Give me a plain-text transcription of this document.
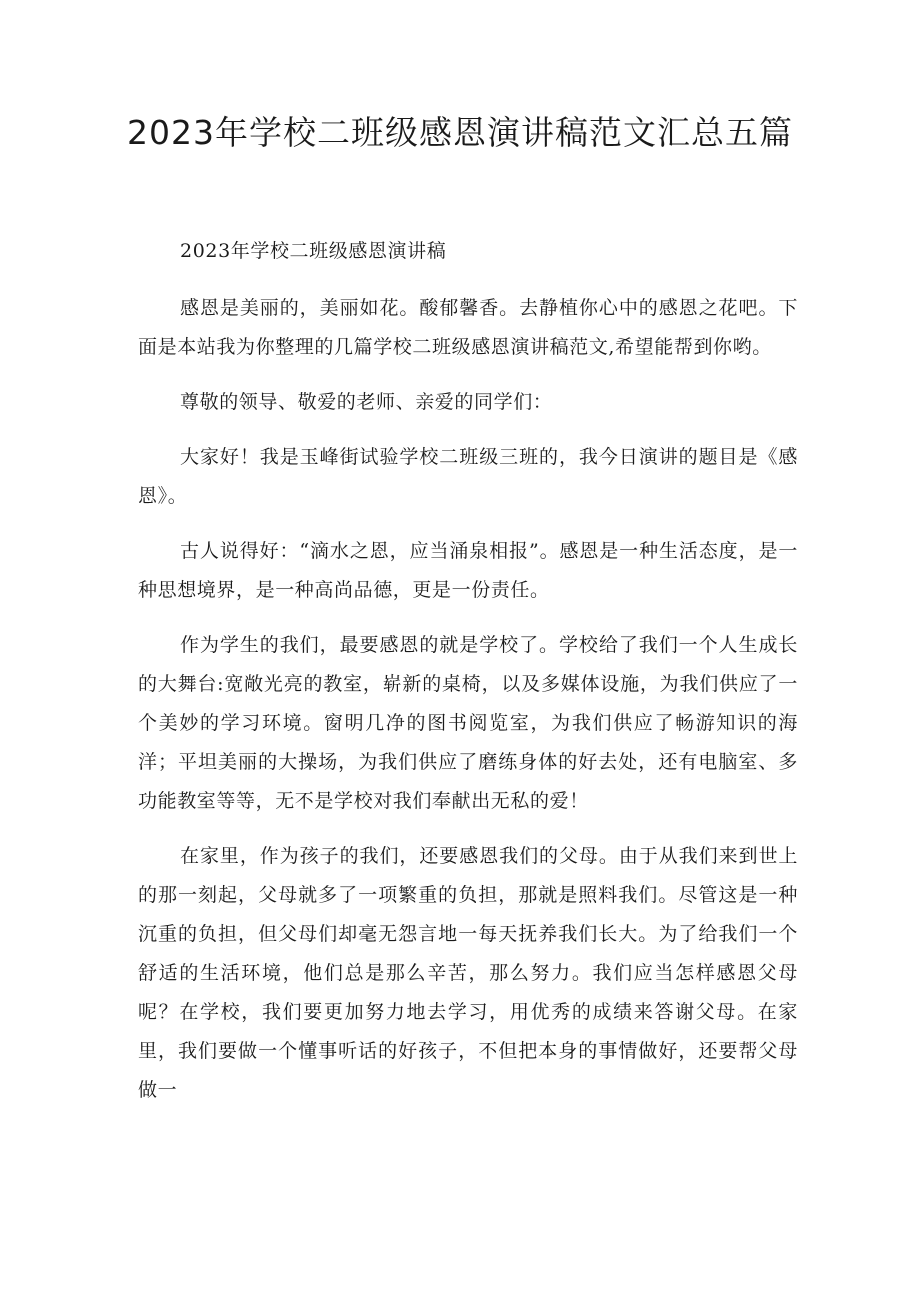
2023年学校二班级感恩演讲稿范文汇总五篇

2023年学校二班级感恩演讲稿

感恩是美丽的，美丽如花。酸郁馨香。去静植你心中的感恩之花吧。下面是本站我为你整理的几篇学校二班级感恩演讲稿范文,希望能帮到你哟。

尊敬的领导、敬爱的老师、亲爱的同学们：

大家好！我是玉峰街试验学校二班级三班的，我今日演讲的题目是《感恩》。

古人说得好：“滴水之恩，应当涌泉相报”。感恩是一种生活态度，是一种思想境界，是一种高尚品德，更是一份责任。

作为学生的我们，最要感恩的就是学校了。学校给了我们一个人生成长的大舞台:宽敞光亮的教室，崭新的桌椅，以及多媒体设施，为我们供应了一个美妙的学习环境。窗明几净的图书阅览室，为我们供应了畅游知识的海洋；平坦美丽的大操场，为我们供应了磨练身体的好去处，还有电脑室、多功能教室等等，无不是学校对我们奉献出无私的爱！

在家里，作为孩子的我们，还要感恩我们的父母。由于从我们来到世上的那一刻起，父母就多了一项繁重的负担，那就是照料我们。尽管这是一种沉重的负担，但父母们却毫无怨言地一每天抚养我们长大。为了给我们一个舒适的生活环境，他们总是那么辛苦，那么努力。我们应当怎样感恩父母呢？在学校，我们要更加努力地去学习，用优秀的成绩来答谢父母。在家里，我们要做一个懂事听话的好孩子，不但把本身的事情做好，还要帮父母做一
